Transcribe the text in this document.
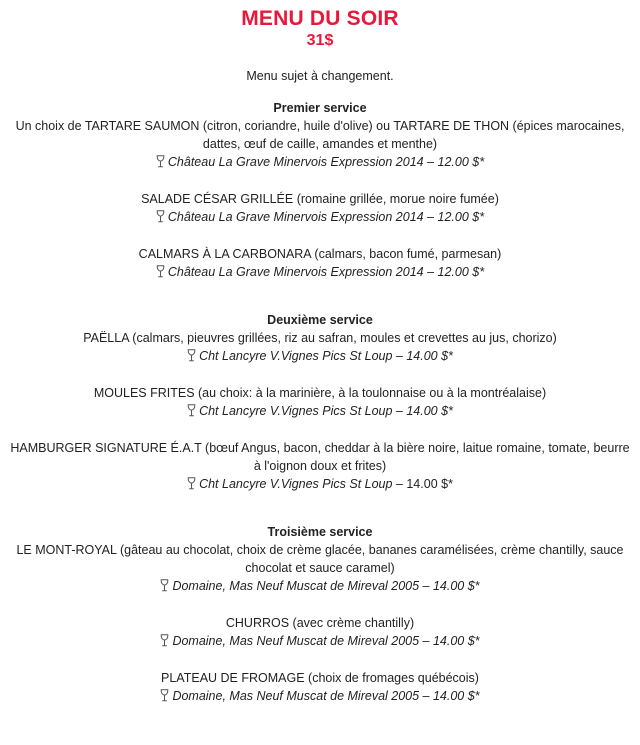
MENU DU SOIR
31$
Menu sujet à changement.
Premier service
Un choix de TARTARE SAUMON (citron, coriandre, huile d'olive) ou TARTARE DE THON (épices marocaines, dattes, œuf de caille, amandes et menthe)
Château La Grave Minervois Expression 2014 – 12.00 $*
SALADE CÉSAR GRILLÉE (romaine grillée, morue noire fumée)
Château La Grave Minervois Expression 2014 – 12.00 $*
CALMARS À LA CARBONARA (calmars, bacon fumé, parmesan)
Château La Grave Minervois Expression 2014 – 12.00 $*
Deuxième service
PAËLLA (calmars, pieuvres grillées, riz au safran, moules et crevettes au jus, chorizo)
Cht Lancyre V.Vignes Pics St Loup – 14.00 $*
MOULES FRITES (au choix: à la marinière, à la toulonnaise ou à la montréalaise)
Cht Lancyre V.Vignes Pics St Loup – 14.00 $*
HAMBURGER SIGNATURE É.A.T (bœuf Angus, bacon, cheddar à la bière noire, laitue romaine, tomate, beurre à l'oignon doux et frites)
Cht Lancyre V.Vignes Pics St Loup – 14.00 $*
Troisième service
LE MONT-ROYAL (gâteau au chocolat, choix de crème glacée, bananes caramélisées, crème chantilly, sauce chocolat et sauce caramel)
Domaine, Mas Neuf Muscat de Mireval 2005 – 14.00 $*
CHURROS (avec crème chantilly)
Domaine, Mas Neuf Muscat de Mireval 2005 – 14.00 $*
PLATEAU DE FROMAGE (choix de fromages québécois)
Domaine, Mas Neuf Muscat de Mireval 2005 – 14.00 $*
